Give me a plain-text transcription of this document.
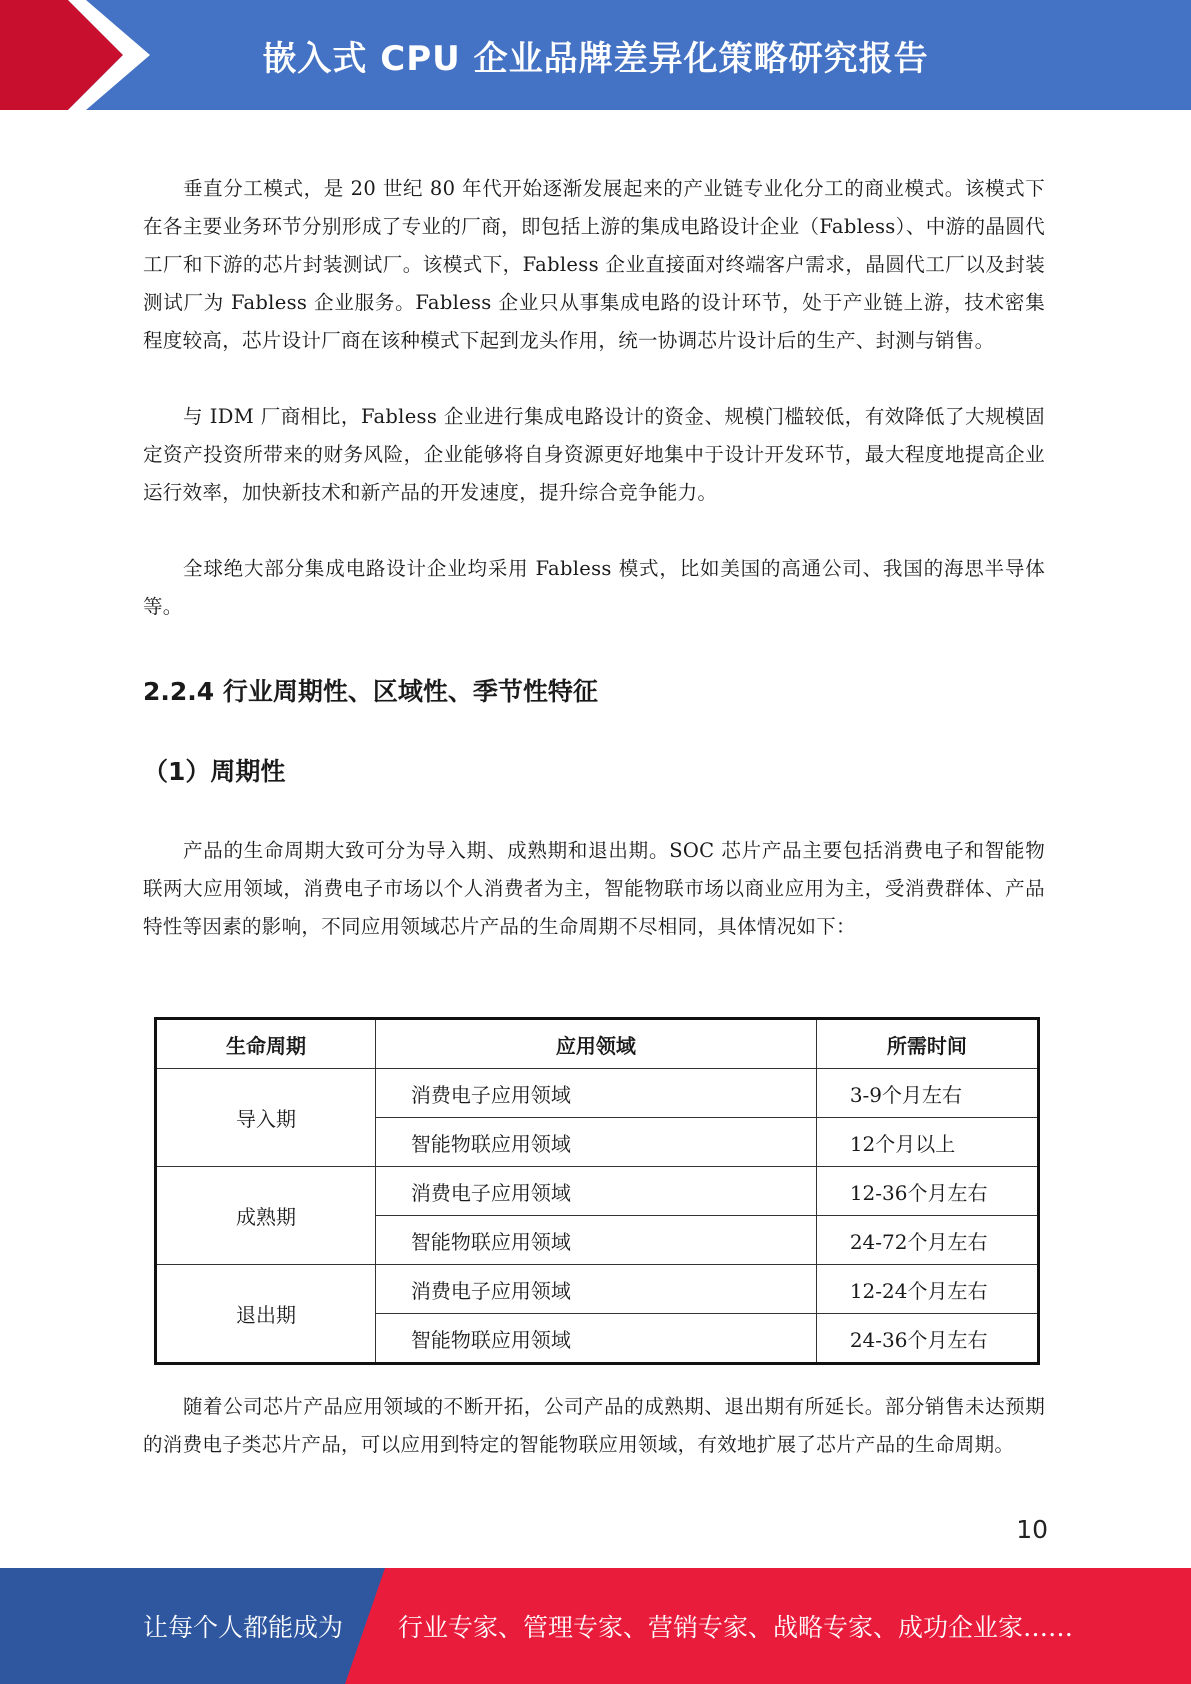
嵌入式 CPU 企业品牌差异化策略研究报告

垂直分工模式，是 20 世纪 80 年代开始逐渐发展起来的产业链专业化分工的商业模式。该模式下在各主要业务环节分别形成了专业的厂商，即包括上游的集成电路设计企业（Fabless）、中游的晶圆代工厂和下游的芯片封装测试厂。该模式下，Fabless 企业直接面对终端客户需求，晶圆代工厂以及封装测试厂为 Fabless 企业服务。Fabless 企业只从事集成电路的设计环节，处于产业链上游，技术密集程度较高，芯片设计厂商在该种模式下起到龙头作用，统一协调芯片设计后的生产、封测与销售。

与 IDM 厂商相比，Fabless 企业进行集成电路设计的资金、规模门槛较低，有效降低了大规模固定资产投资所带来的财务风险，企业能够将自身资源更好地集中于设计开发环节，最大程度地提高企业运行效率，加快新技术和新产品的开发速度，提升综合竞争能力。

全球绝大部分集成电路设计企业均采用 Fabless 模式，比如美国的高通公司、我国的海思半导体等。

2.2.4 行业周期性、区域性、季节性特征
（1）周期性

产品的生命周期大致可分为导入期、成熟期和退出期。SOC 芯片产品主要包括消费电子和智能物联两大应用领域，消费电子市场以个人消费者为主，智能物联市场以商业应用为主，受消费群体、产品特性等因素的影响，不同应用领域芯片产品的生命周期不尽相同，具体情况如下：

生命周期	应用领域	所需时间
导入期	消费电子应用领域	3-9个月左右
	智能物联应用领域	12个月以上
成熟期	消费电子应用领域	12-36个月左右
	智能物联应用领域	24-72个月左右
退出期	消费电子应用领域	12-24个月左右
	智能物联应用领域	24-36个月左右

随着公司芯片产品应用领域的不断开拓，公司产品的成熟期、退出期有所延长。部分销售未达预期的消费电子类芯片产品，可以应用到特定的智能物联应用领域，有效地扩展了芯片产品的生命周期。

10
让每个人都能成为 行业专家、管理专家、营销专家、战略专家、成功企业家……
